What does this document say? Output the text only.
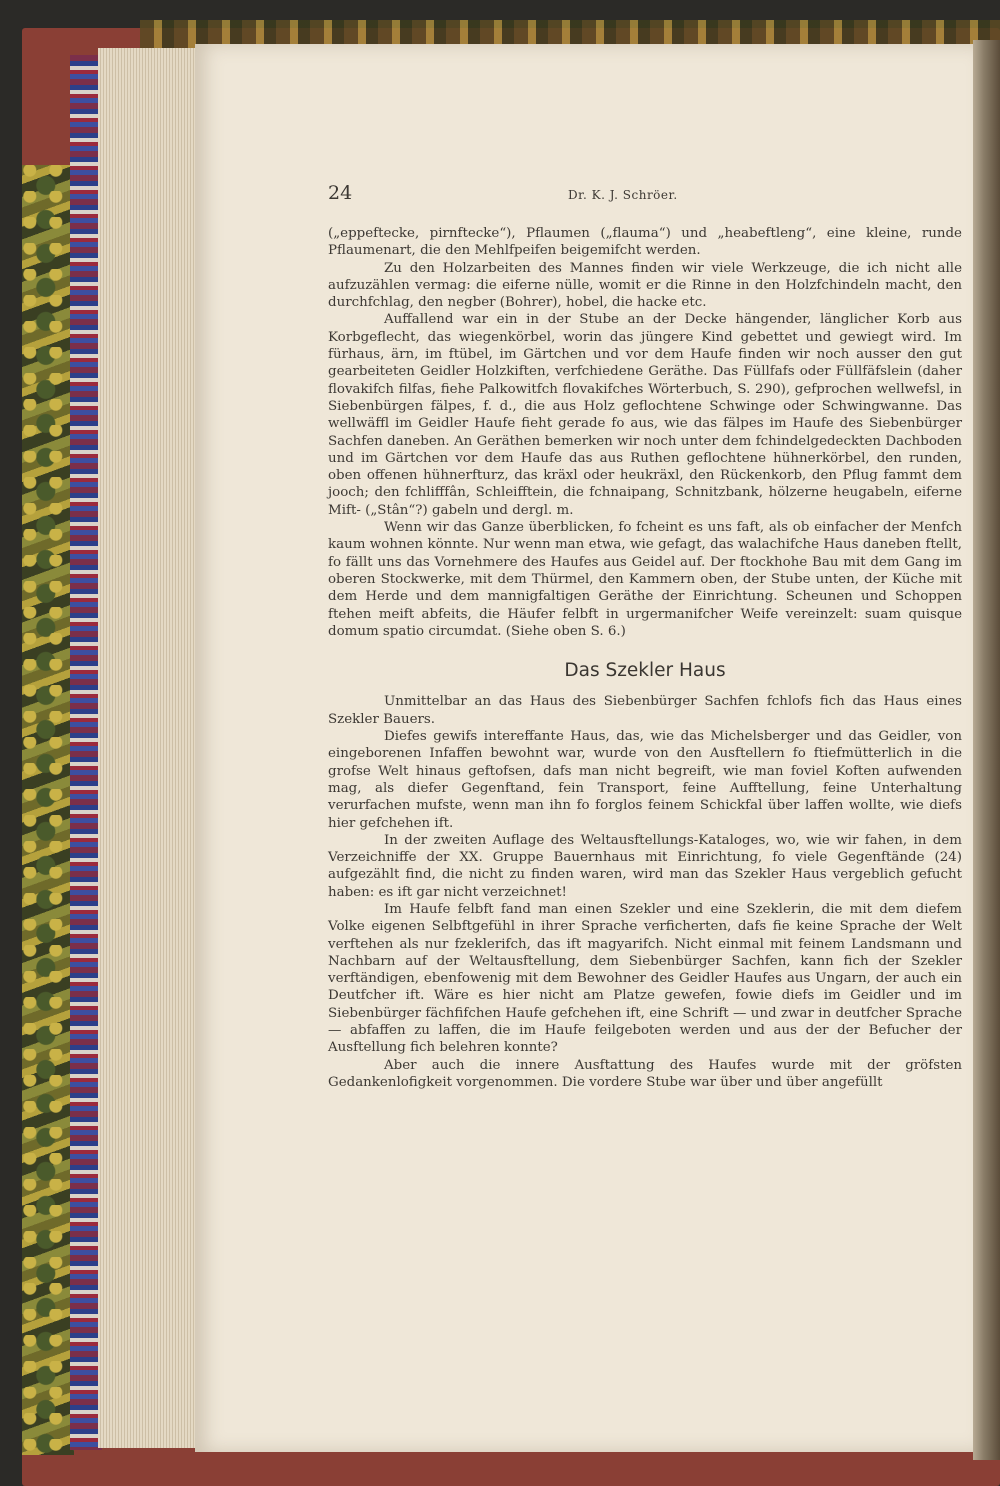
24	Dr. K. J. Schröer.

(„eppeftecke, pirnftecke“), Pflaumen („flauma“) und „heabeftleng“, eine kleine, runde Pflaumenart, die den Mehlfpeifen beigemifcht werden.

Zu den Holzarbeiten des Mannes finden wir viele Werkzeuge, die ich nicht alle aufzuzählen vermag: die eiferne nülle, womit er die Rinne in den Holzfchindeln macht, den durchfchlag, den negber (Bohrer), hobel, die hacke etc.

Auffallend war ein in der Stube an der Decke hängender, länglicher Korb aus Korbgeflecht, das wiegenkörbel, worin das jüngere Kind gebettet und gewiegt wird. Im fürhaus, ärn, im ftübel, im Gärtchen und vor dem Haufe finden wir noch ausser den gut gearbeiteten Geidler Holzkiften, verfchiedene Geräthe. Das Füllfafs oder Füllfäfslein (daher flovakifch filfas, fiehe Palkowitfch flovakifches Wörterbuch, S. 290), gefprochen wellwefsl, in Siebenbürgen fälpes, f. d., die aus Holz geflochtene Schwinge oder Schwingwanne. Das wellwäffl im Geidler Haufe fieht gerade fo aus, wie das fälpes im Haufe des Siebenbürger Sachfen daneben. An Geräthen bemerken wir noch unter dem fchindelgedeckten Dachboden und im Gärtchen vor dem Haufe das aus Ruthen geflochtene hühnerkörbel, den runden, oben offenen hühnerfturz, das kräxl oder heukräxl, den Rückenkorb, den Pflug fammt dem jooch; den fchlifffân, Schleifftein, die fchnaipang, Schnitzbank, hölzerne heugabeln, eiferne Mift- („Stân“?) gabeln und dergl. m.

Wenn wir das Ganze überblicken, fo fcheint es uns faft, als ob einfacher der Menfch kaum wohnen könnte. Nur wenn man etwa, wie gefagt, das walachifche Haus daneben ftellt, fo fällt uns das Vornehmere des Haufes aus Geidel auf. Der ftockhohe Bau mit dem Gang im oberen Stockwerke, mit dem Thürmel, den Kammern oben, der Stube unten, der Küche mit dem Herde und dem mannigfaltigen Geräthe der Einrichtung. Scheunen und Schoppen ftehen meift abfeits, die Häufer felbft in urgermanifcher Weife vereinzelt: suam quisque domum spatio circumdat. (Siehe oben S. 6.)

Das Szekler Haus

Unmittelbar an das Haus des Siebenbürger Sachfen fchlofs fich das Haus eines Szekler Bauers.

Diefes gewifs intereffante Haus, das, wie das Michelsberger und das Geidler, von eingeborenen Infaffen bewohnt war, wurde von den Ausftellern fo ftiefmütterlich in die grofse Welt hinaus geftofsen, dafs man nicht begreift, wie man foviel Koften aufwenden mag, als diefer Gegenftand, fein Transport, feine Aufftellung, feine Unterhaltung verurfachen mufste, wenn man ihn fo forglos feinem Schickfal über laffen wollte, wie diefs hier gefchehen ift.

In der zweiten Auflage des Weltausftellungs-Kataloges, wo, wie wir fahen, in dem Verzeichniffe der XX. Gruppe Bauernhaus mit Einrichtung, fo viele Gegenftände (24) aufgezählt find, die nicht zu finden waren, wird man das Szekler Haus vergeblich gefucht haben: es ift gar nicht verzeichnet!

Im Haufe felbft fand man einen Szekler und eine Szeklerin, die mit dem diefem Volke eigenen Selbftgefühl in ihrer Sprache verficherten, dafs fie keine Sprache der Welt verftehen als nur fzeklerifch, das ift magyarifch. Nicht einmal mit feinem Landsmann und Nachbarn auf der Weltausftellung, dem Siebenbürger Sachfen, kann fich der Szekler verftändigen, ebenfowenig mit dem Bewohner des Geidler Haufes aus Ungarn, der auch ein Deutfcher ift. Wäre es hier nicht am Platze gewefen, fowie diefs im Geidler und im Siebenbürger fächfifchen Haufe gefchehen ift, eine Schrift — und zwar in deutfcher Sprache — abfaffen zu laffen, die im Haufe feilgeboten werden und aus der der Befucher der Ausftellung fich belehren konnte?

Aber auch die innere Ausftattung des Haufes wurde mit der gröfsten Gedankenlofigkeit vorgenommen. Die vordere Stube war über und über angefüllt
